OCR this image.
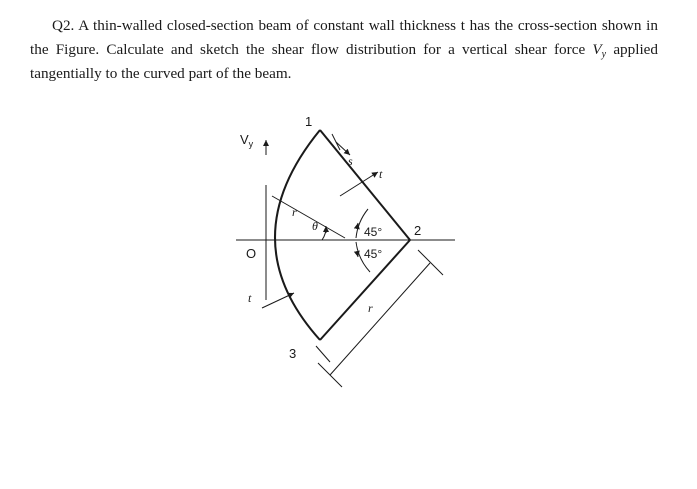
Q2. A thin-walled closed-section beam of constant wall thickness t has the cross-section shown in the Figure. Calculate and sketch the shear flow distribution for a vertical shear force $V_y$ applied tangentially to the curved part of the beam.

$V_y$
O
1
2
3
s
t
t
r
r
θ	45°
45°
